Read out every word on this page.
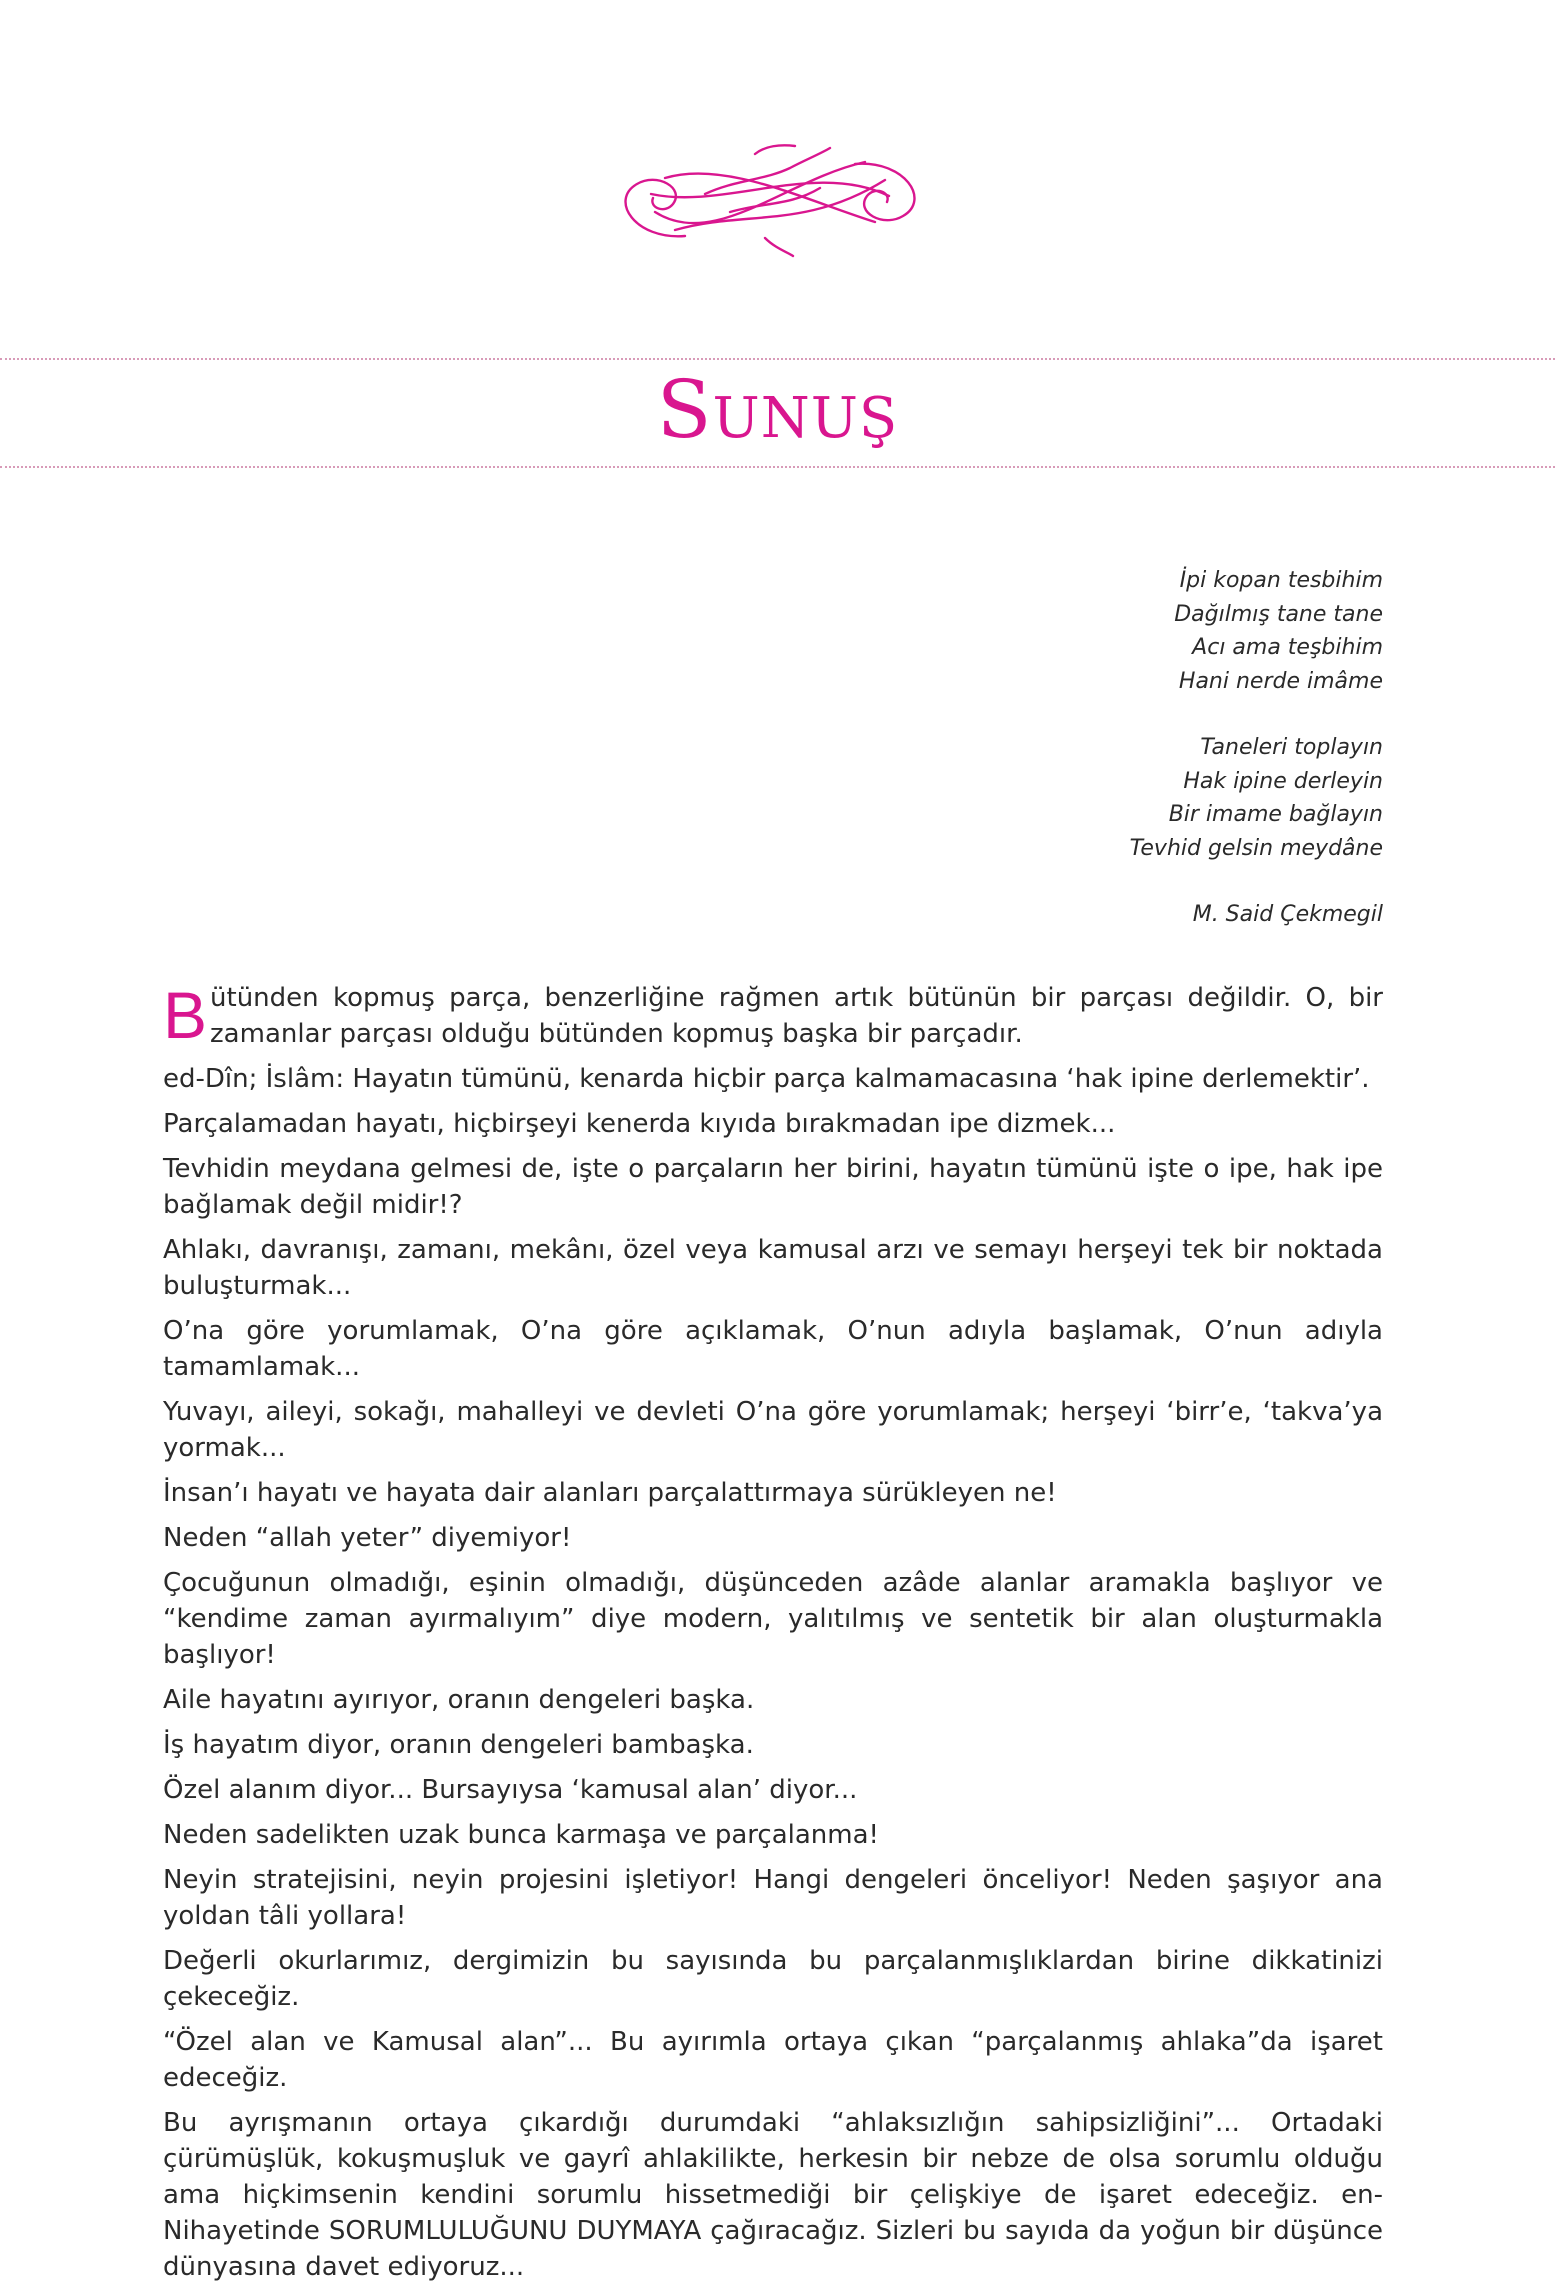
Sunuş
İpi kopan tesbihim
Dağılmış tane tane
Acı ama teşbihim
Hani nerde imâme
Taneleri toplayın
Hak ipine derleyin
Bir imame bağlayın
Tevhid gelsin meydâne
M. Said Çekmegil

Bütünden kopmuş parça, benzerliğine rağmen artık bütünün bir parçası değildir. O, bir zamanlar parçası olduğu bütünden kopmuş başka bir parçadır.

ed-Dîn; İslâm: Hayatın tümünü, kenarda hiçbir parça kalmamacasına ‘hak ipine derlemektir’.

Parçalamadan hayatı, hiçbirşeyi kenerda kıyıda bırakmadan ipe dizmek...

Tevhidin meydana gelmesi de, işte o parçaların her birini, hayatın tümünü işte o ipe, hak ipe bağlamak değil midir!?

Ahlakı, davranışı, zamanı, mekânı, özel veya kamusal arzı ve semayı herşeyi tek bir noktada buluşturmak...

O’na göre yorumlamak, O’na göre açıklamak, O’nun adıyla başlamak, O’nun adıyla tamamlamak...

Yuvayı, aileyi, sokağı, mahalleyi ve devleti O’na göre yorumlamak; herşeyi ‘birr’e, ‘takva’ya yormak...

İnsan’ı hayatı ve hayata dair alanları parçalattırmaya sürükleyen ne!

Neden “allah yeter” diyemiyor!

Çocuğunun olmadığı, eşinin olmadığı, düşünceden azâde alanlar aramakla başlıyor ve “kendime zaman ayırmalıyım” diye modern, yalıtılmış ve sentetik bir alan oluşturmakla başlıyor!

Aile hayatını ayırıyor, oranın dengeleri başka.

İş hayatım diyor, oranın dengeleri bambaşka.

Özel alanım diyor... Bursayıysa ‘kamusal alan’ diyor...

Neden sadelikten uzak bunca karmaşa ve parçalanma!

Neyin stratejisini, neyin projesini işletiyor! Hangi dengeleri önceliyor! Neden şaşıyor ana yoldan tâli yollara!

Değerli okurlarımız, dergimizin bu sayısında bu parçalanmışlıklardan birine dikkatinizi çekeceğiz.

“Özel alan ve Kamusal alan”... Bu ayırımla ortaya çıkan “parçalanmış ahlaka”da işaret edeceğiz.

Bu ayrışmanın ortaya çıkardığı durumdaki “ahlaksızlığın sahipsizliğini”... Ortadaki çürümüşlük, kokuşmuşluk ve gayrî ahlakilikte, herkesin bir nebze de olsa sorumlu olduğu ama hiçkimsenin kendini sorumlu hissetmediği bir çelişkiye de işaret edeceğiz. en-Nihayetinde SORUMLULUĞUNU DUYMAYA çağıracağız. Sizleri bu sayıda da yoğun bir düşünce dünyasına davet ediyoruz...
